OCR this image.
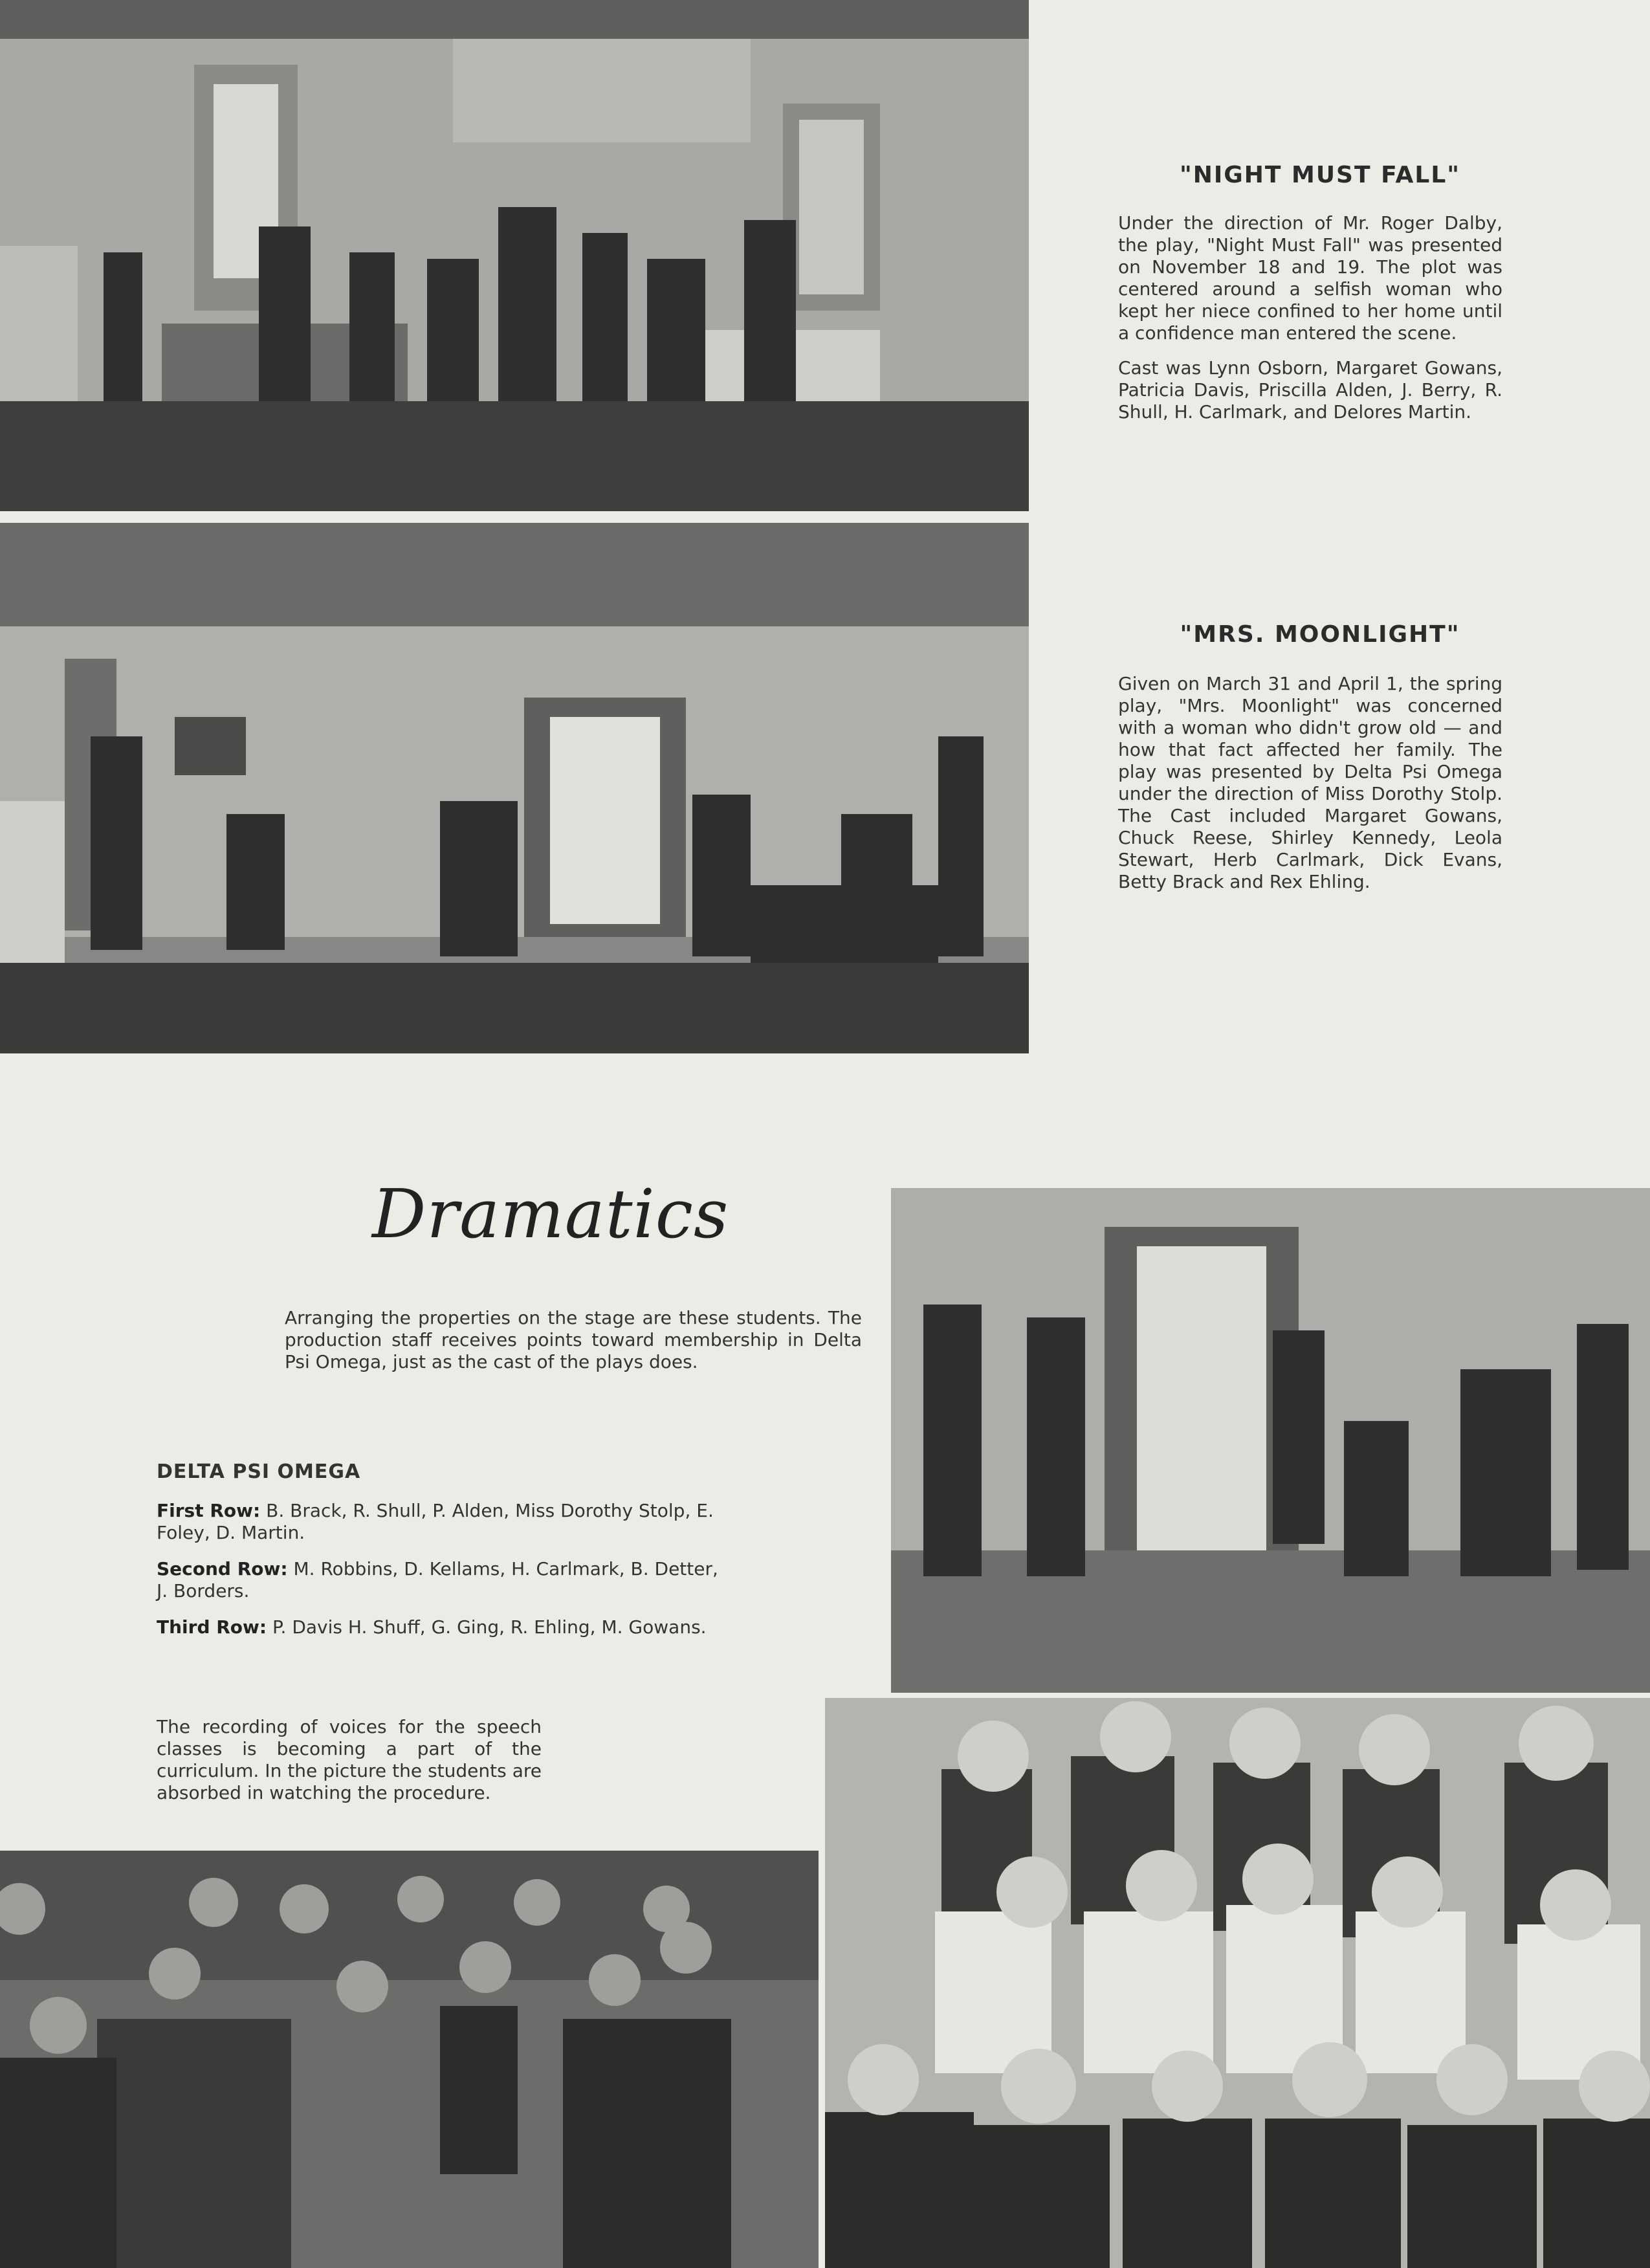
"NIGHT MUST FALL"

Under the direction of Mr. Roger Dalby, the play, "Night Must Fall" was presented on November 18 and 19. The plot was centered around a selfish woman who kept her niece confined to her home until a confidence man entered the scene.

Cast was Lynn Osborn, Margaret Gowans, Patricia Davis, Priscilla Alden, J. Berry, R. Shull, H. Carlmark, and Delores Martin.

"MRS. MOONLIGHT"

Given on March 31 and April 1, the spring play, "Mrs. Moonlight" was concerned with a woman who didn't grow old — and how that fact affected her family. The play was presented by Delta Psi Omega under the direction of Miss Dorothy Stolp. The Cast included Margaret Gowans, Chuck Reese, Shirley Kennedy, Leola Stewart, Herb Carlmark, Dick Evans, Betty Brack and Rex Ehling.

Dramatics
Arranging the properties on the stage are these students. The production staff receives points toward membership in Delta Psi Omega, just as the cast of the plays does.
DELTA PSI OMEGA

First Row: B. Brack, R. Shull, P. Alden, Miss Dorothy Stolp, E. Foley, D. Martin.

Second Row: M. Robbins, D. Kellams, H. Carlmark, B. Detter, J. Borders.

Third Row: P. Davis H. Shuff, G. Ging, R. Ehling, M. Gowans.

The recording of voices for the speech classes is becoming a part of the curriculum. In the picture the students are absorbed in watching the procedure.
